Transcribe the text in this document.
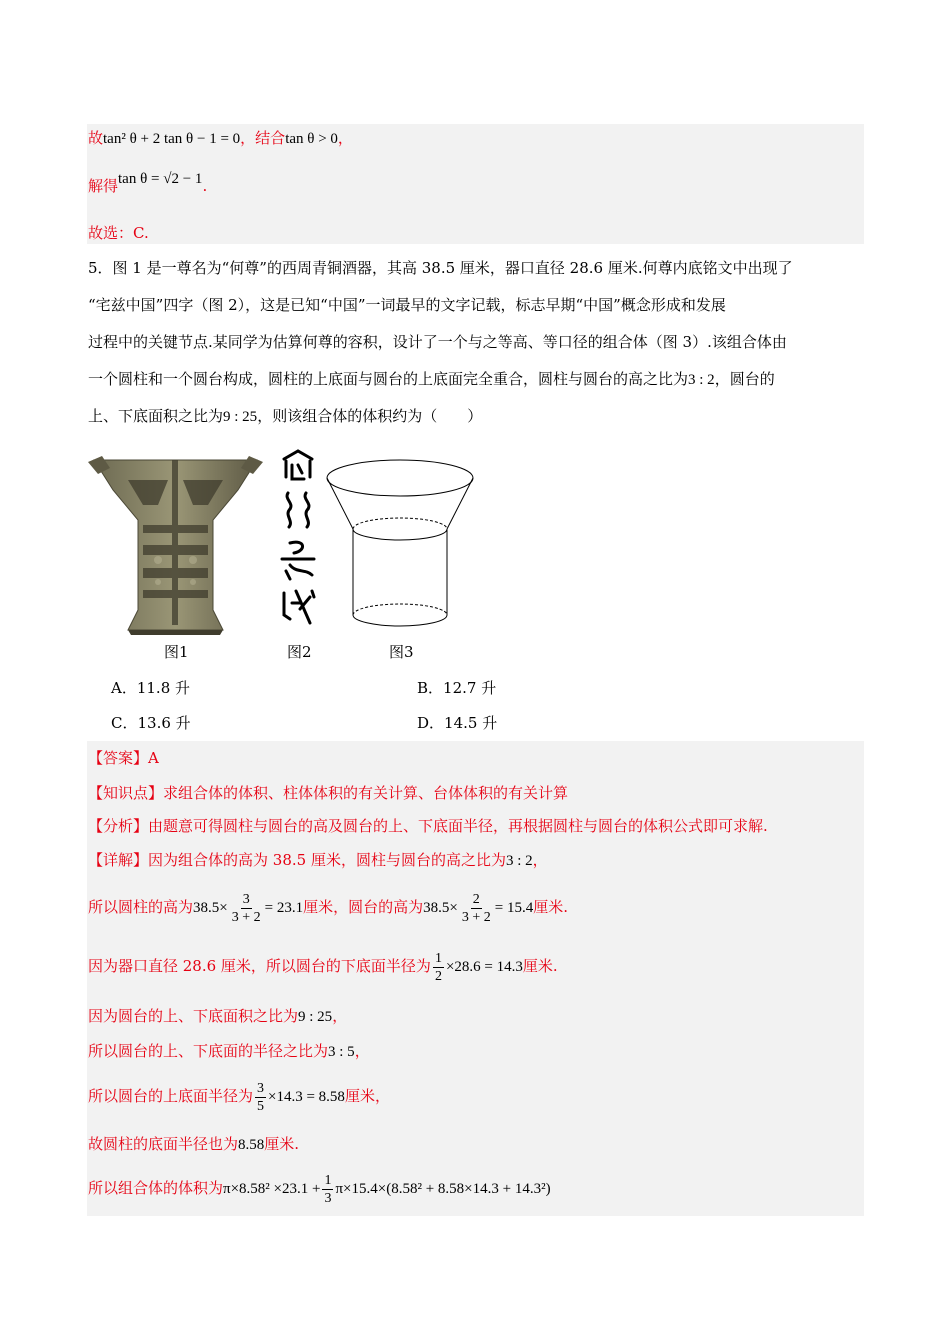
故tan² θ + 2 tan θ − 1 = 0，结合tan θ > 0，
解得tan θ = √2 − 1.
故选：C.
5．图 1 是一尊名为“何尊”的西周青铜酒器，其高 38.5 厘米，器口直径 28.6 厘米.何尊内底铭文中出现了
“宅兹中国”四字（图 2），这是已知“中国”一词最早的文字记载，标志早期“中国”概念形成和发展
过程中的关键节点.某同学为估算何尊的容积，设计了一个与之等高、等口径的组合体（图 3）.该组合体由
一个圆柱和一个圆台构成，圆柱的上底面与圆台的上底面完全重合，圆柱与圆台的高之比为3 : 2，圆台的
上、下底面积之比为9 : 25，则该组合体的体积约为（　　）
图1	图2	图3
A．11.8 升	B．12.7 升
C．13.6 升	D．14.5 升
【答案】A
【知识点】求组合体的体积、柱体体积的有关计算、台体体积的有关计算
【分析】由题意可得圆柱与圆台的高及圆台的上、下底面半径，再根据圆柱与圆台的体积公式即可求解.
【详解】因为组合体的高为 38.5 厘米，圆柱与圆台的高之比为3 : 2，
所以圆柱的高为$38.5\times \frac{3}{3 + 2} = 23.1$厘米，圆台的高为$38.5\times \frac{2}{3 + 2} = 15.4$厘米.
因为器口直径 28.6 厘米，所以圆台的下底面半径为 $\frac{1}{2} \times 28.6 = 14.3$厘米.
因为圆台的上、下底面积之比为9 : 25，
所以圆台的上、下底面的半径之比为3 : 5，
所以圆台的上底面半径为 $\frac{3}{5} \times 14.3 = 8.58$厘米，
故圆柱的底面半径也为8.58厘米.
所以组合体的体积为$\pi\times 8.58^2 \times 23.1 + \frac{1}{3} \pi\times 15.4\times(8.58^2 + 8.58\times 14.3 + 14.3^2)$
